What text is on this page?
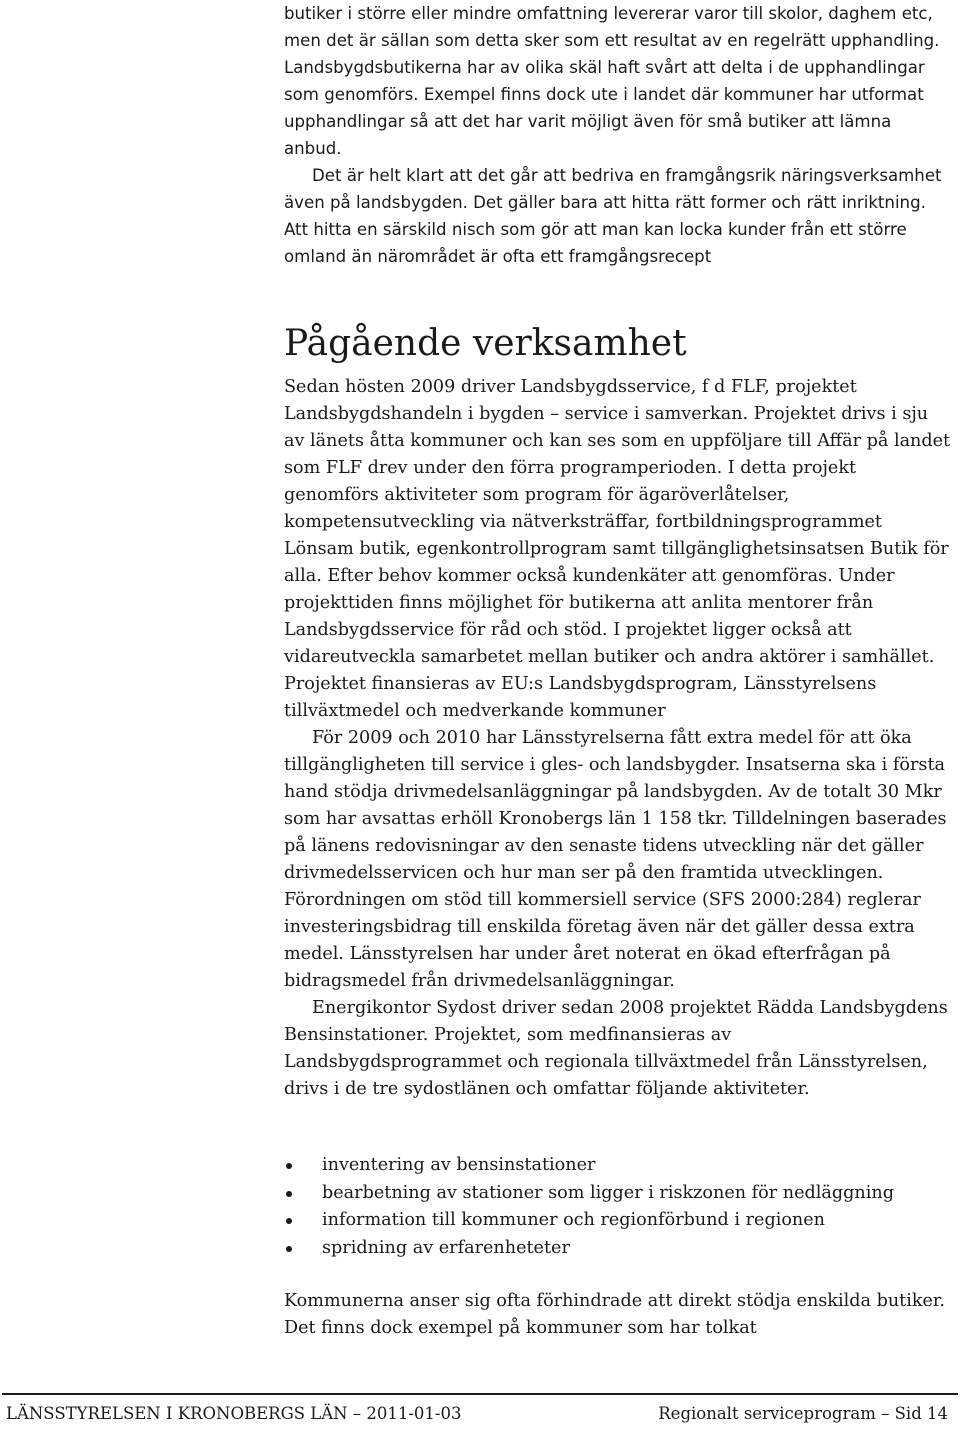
butiker i större eller mindre omfattning levererar varor till skolor, daghem etc, men det är sällan som detta sker som ett resultat av en regelrätt upphandling. Landsbygdsbutikerna har av olika skäl haft svårt att delta i de upphandlingar som genomförs. Exempel finns dock ute i landet där kommuner har utformat upphandlingar så att det har varit möjligt även för små butiker att lämna anbud.

Det är helt klart att det går att bedriva en framgångsrik näringsverksamhet även på landsbygden. Det gäller bara att hitta rätt former och rätt inriktning. Att hitta en särskild nisch som gör att man kan locka kunder från ett större omland än närområdet är ofta ett framgångsrecept

Pågående verksamhet

Sedan hösten 2009 driver Landsbygdsservice, f d FLF, projektet Landsbygdshandeln i bygden – service i samverkan. Projektet drivs i sju av länets åtta kommuner och kan ses som en uppföljare till Affär på landet som FLF drev under den förra programperioden. I detta projekt genomförs aktiviteter som program för ägaröverlåtelser, kompetensutveckling via nätverksträffar, fortbildningsprogrammet Lönsam butik, egenkontrollprogram samt tillgänglighetsinsatsen Butik för alla. Efter behov kommer också kundenkäter att genomföras. Under projekttiden finns möjlighet för butikerna att anlita mentorer från Landsbygdsservice för råd och stöd. I projektet ligger också att vidareutveckla samarbetet mellan butiker och andra aktörer i samhället. Projektet finansieras av EU:s Landsbygdsprogram, Länsstyrelsens tillväxtmedel och medverkande kommuner

För 2009 och 2010 har Länsstyrelserna fått extra medel för att öka tillgängligheten till service i gles- och landsbygder. Insatserna ska i första hand stödja drivmedelsanläggningar på landsbygden. Av de totalt 30 Mkr som har avsattas erhöll Kronobergs län 1 158 tkr. Tilldelningen baserades på länens redovisningar av den senaste tidens utveckling när det gäller drivmedelsservicen och hur man ser på den framtida utvecklingen. Förordningen om stöd till kommersiell service (SFS 2000:284) reglerar investeringsbidrag till enskilda företag även när det gäller dessa extra medel. Länsstyrelsen har under året noterat en ökad efterfrågan på bidragsmedel från drivmedelsanläggningar.

Energikontor Sydost driver sedan 2008 projektet Rädda Landsbygdens Bensinstationer. Projektet, som medfinansieras av Landsbygdsprogrammet och regionala tillväxtmedel från Länsstyrelsen, drivs i de tre sydostlänen och omfattar följande aktiviteter.

inventering av bensinstationer
bearbetning av stationer som ligger i riskzonen för nedläggning
information till kommuner och regionförbund i regionen
spridning av erfarenheteter

Kommunerna anser sig ofta förhindrade att direkt stödja enskilda butiker. Det finns dock exempel på kommuner som har tolkat

LÄNSSTYRELSEN I KRONOBERGS LÄN – 2011-01-03	Regionalt serviceprogram – Sid 14
